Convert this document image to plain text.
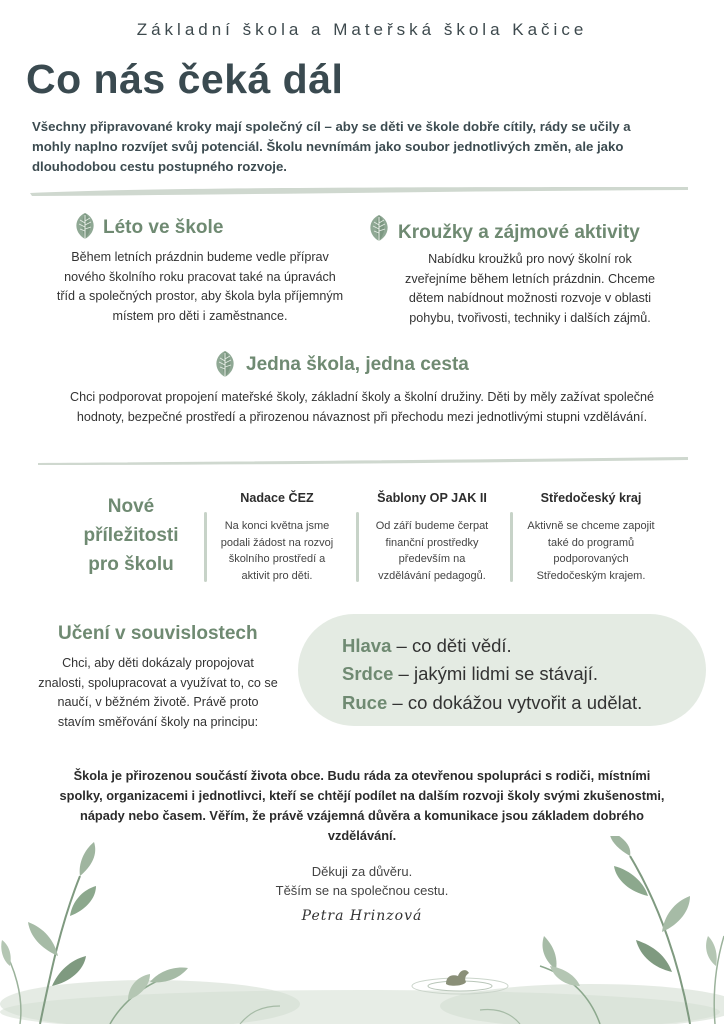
Základní škola a Mateřská škola Kačice
Co nás čeká dál
Všechny připravované kroky mají společný cíl – aby se děti ve škole dobře cítily, rády se učily a
mohly naplno rozvíjet svůj potenciál. Školu nevnímám jako soubor jednotlivých změn, ale jako
dlouhodobou cestu postupného rozvoje.
Léto ve škole
Během letních prázdnin budeme vedle příprav
nového školního roku pracovat také na úpravách
tříd a společných prostor, aby škola byla příjemným
místem pro děti i zaměstnance.
Kroužky a zájmové aktivity
Nabídku kroužků pro nový školní rok
zveřejníme během letních prázdnin. Chceme
dětem nabídnout možnosti rozvoje v oblasti
pohybu, tvořivosti, techniky i dalších zájmů.
Jedna škola, jedna cesta
Chci podporovat propojení mateřské školy, základní školy a školní družiny. Děti by měly zažívat společné
hodnoty, bezpečné prostředí a přirozenou návaznost při přechodu mezi jednotlivými stupni vzdělávání.
Nové
příležitosti
pro školu
Nadace ČEZ
Na konci května jsme
podali žádost na rozvoj
školního prostředí a
aktivit pro děti.
Šablony OP JAK II
Od září budeme čerpat
finanční prostředky
především na
vzdělávání pedagogů.
Středočeský kraj
Aktivně se chceme zapojit
také do programů
podporovaných
Středočeským krajem.
Učení v souvislostech
Chci, aby děti dokázaly propojovat
znalosti, spolupracovat a využívat to, co se
naučí, v běžném životě. Právě proto
stavím směřování školy na principu:
Hlava – co děti vědí.
Srdce – jakými lidmi se stávají.
Ruce – co dokážou vytvořit a udělat.
Škola je přirozenou součástí života obce. Budu ráda za otevřenou spolupráci s rodiči, místními
spolky, organizacemi i jednotlivci, kteří se chtějí podílet na dalším rozvoji školy svými zkušenostmi,
nápady nebo časem. Věřím, že právě vzájemná důvěra a komunikace jsou základem dobrého
vzdělávání.
Děkuji za důvěru.
Těším se na společnou cestu.
Petra Hrinzová
